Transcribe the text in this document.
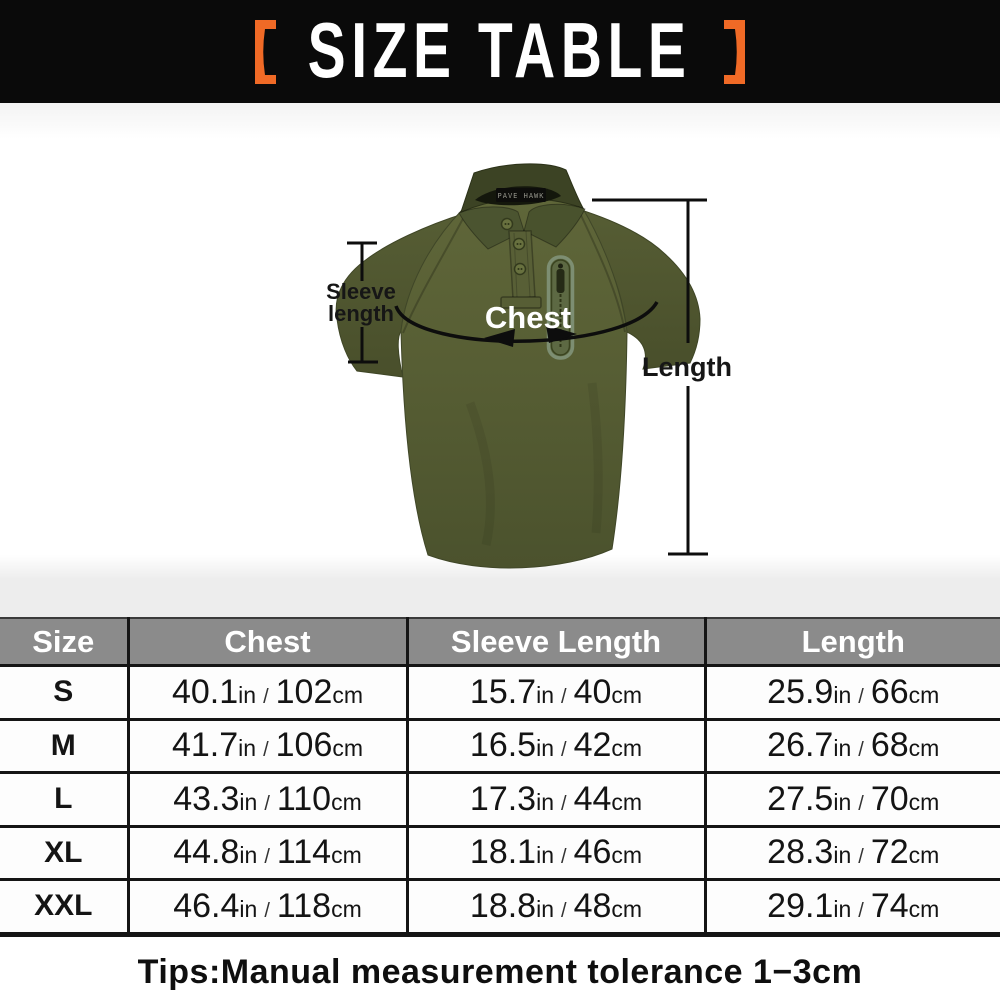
SIZE TABLE
PAVE HAWK
Sleeve
length
Length
Chest
Size	Chest	Sleeve Length	Length
S	40.1in / 102cm	15.7in / 40cm	25.9in / 66cm
M	41.7in / 106cm	16.5in / 42cm	26.7in / 68cm
L	43.3in / 110cm	17.3in / 44cm	27.5in / 70cm
XL	44.8in / 114cm	18.1in / 46cm	28.3in / 72cm
XXL	46.4in / 118cm	18.8in / 48cm	29.1in / 74cm
Tips:Manual measurement tolerance 1−3cm
